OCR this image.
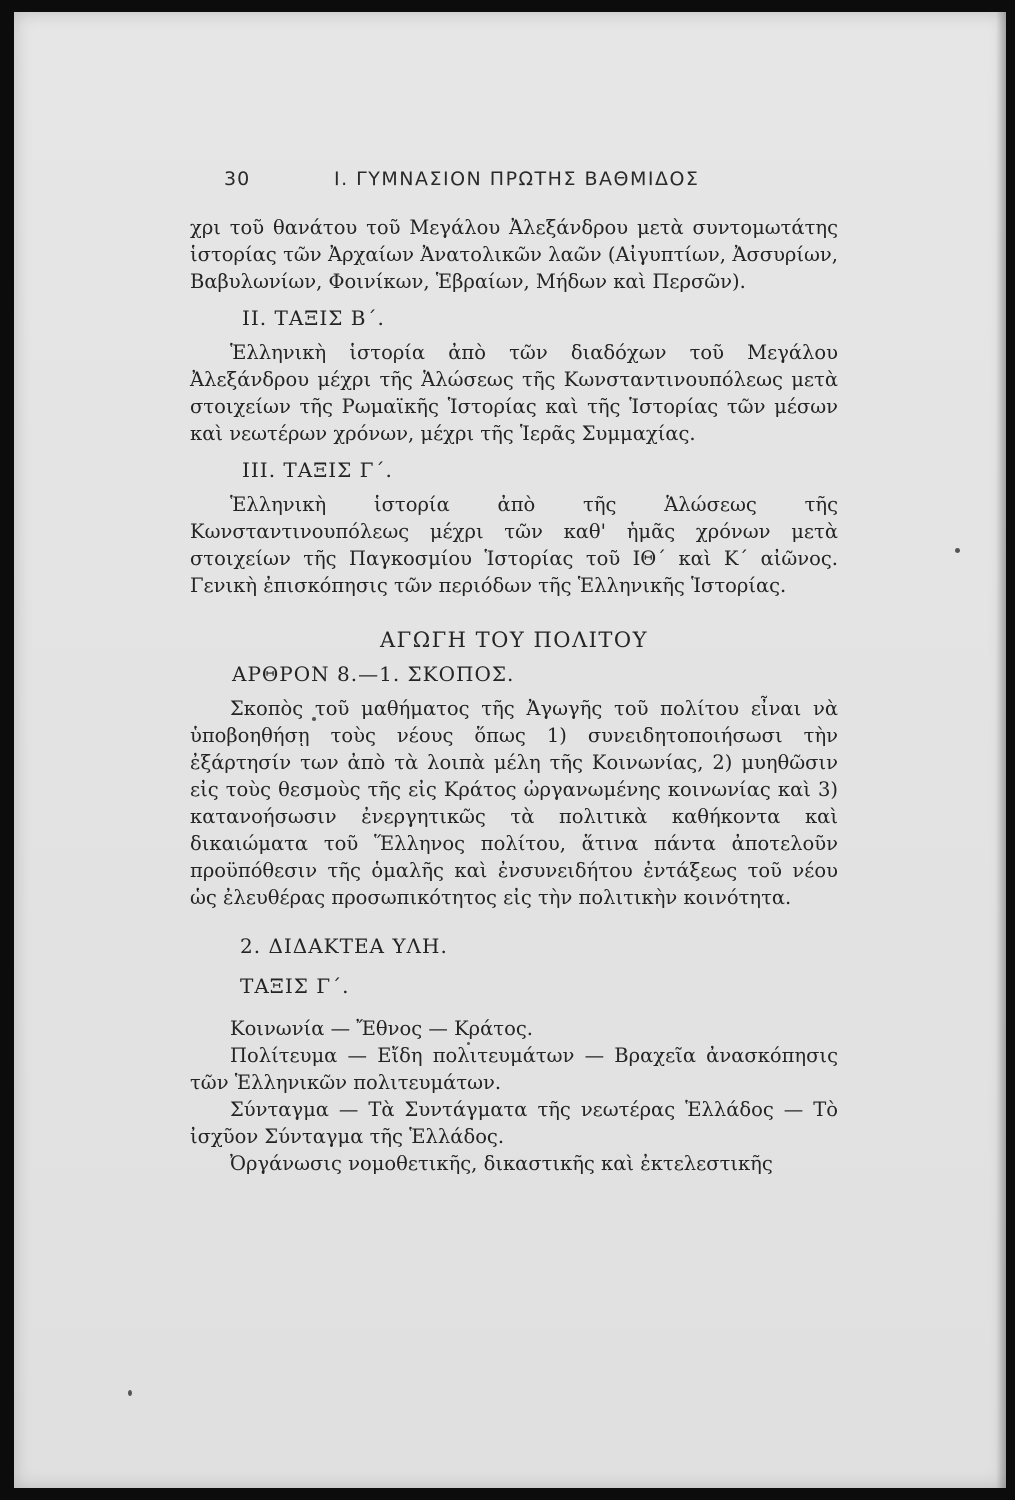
30	Ι. ΓΥΜΝΑΣΙΟΝ ΠΡΩΤΗΣ ΒΑΘΜΙΔΟΣ

χρι τοῦ θανάτου τοῦ Μεγάλου Ἀλεξάνδρου μετὰ συντομωτάτης ἱστορίας τῶν Ἀρχαίων Ἀνατολικῶν λαῶν (Αἰγυπτίων, Ἀσσυρίων, Βαβυλωνίων, Φοινίκων, Ἑβραίων, Μήδων καὶ Περσῶν).

ΙΙ. ΤΑΞΙΣ Β΄.

Ἑλληνικὴ ἱστορία ἀπὸ τῶν διαδόχων τοῦ Μεγάλου Ἀλεξάνδρου μέχρι τῆς Ἁλώσεως τῆς Κωνσταντινουπόλεως μετὰ στοιχείων τῆς Ρωμαϊκῆς Ἱστορίας καὶ τῆς Ἱστορίας τῶν μέσων καὶ νεωτέρων χρόνων, μέχρι τῆς Ἱερᾶς Συμμαχίας.

ΙΙΙ. ΤΑΞΙΣ Γ΄.

Ἑλληνικὴ ἱστορία ἀπὸ τῆς Ἁλώσεως τῆς Κωνσταντινουπόλεως μέχρι τῶν καθ' ἡμᾶς χρόνων μετὰ στοιχείων τῆς Παγκοσμίου Ἱστορίας τοῦ ΙΘ΄ καὶ Κ΄ αἰῶνος. Γενικὴ ἐπισκόπησις τῶν περιόδων τῆς Ἑλληνικῆς Ἱστορίας.

ΑΓΩΓΗ ΤΟΥ ΠΟΛΙΤΟΥ
ΑΡΘΡΟΝ 8.—1. ΣΚΟΠΟΣ.

Σκοπὸς τοῦ μαθήματος τῆς Ἀγωγῆς τοῦ πολίτου εἶναι νὰ ὑποβοηθήσῃ τοὺς νέους ὅπως 1) συνειδητοποιήσωσι τὴν ἐξάρτησίν των ἀπὸ τὰ λοιπὰ μέλη τῆς Κοινωνίας, 2) μυηθῶσιν εἰς τοὺς θεσμοὺς τῆς εἰς Κράτος ὠργανωμένης κοινωνίας καὶ 3) κατανοήσωσιν ἐνεργητικῶς τὰ πολιτικὰ καθήκοντα καὶ δικαιώματα τοῦ Ἕλληνος πολίτου, ἅτινα πάντα ἀποτελοῦν προϋπόθεσιν τῆς ὁμαλῆς καὶ ἐνσυνειδήτου ἐντάξεως τοῦ νέου ὡς ἐλευθέρας προσωπικότητος εἰς τὴν πολιτικὴν κοινότητα.

2. ΔΙΔΑΚΤΕΑ ΥΛΗ.
ΤΑΞΙΣ Γ΄.

Κοινωνία — Ἔθνος — Κράτος.

Πολίτευμα — Εἴδη πολιτευμάτων — Βραχεῖα ἀνασκόπησις τῶν Ἑλληνικῶν πολιτευμάτων.

Σύνταγμα — Τὰ Συντάγματα τῆς νεωτέρας Ἑλλάδος — Τὸ ἰσχῦον Σύνταγμα τῆς Ἑλλάδος.

Ὀργάνωσις νομοθετικῆς, δικαστικῆς καὶ ἐκτελεστικῆς
